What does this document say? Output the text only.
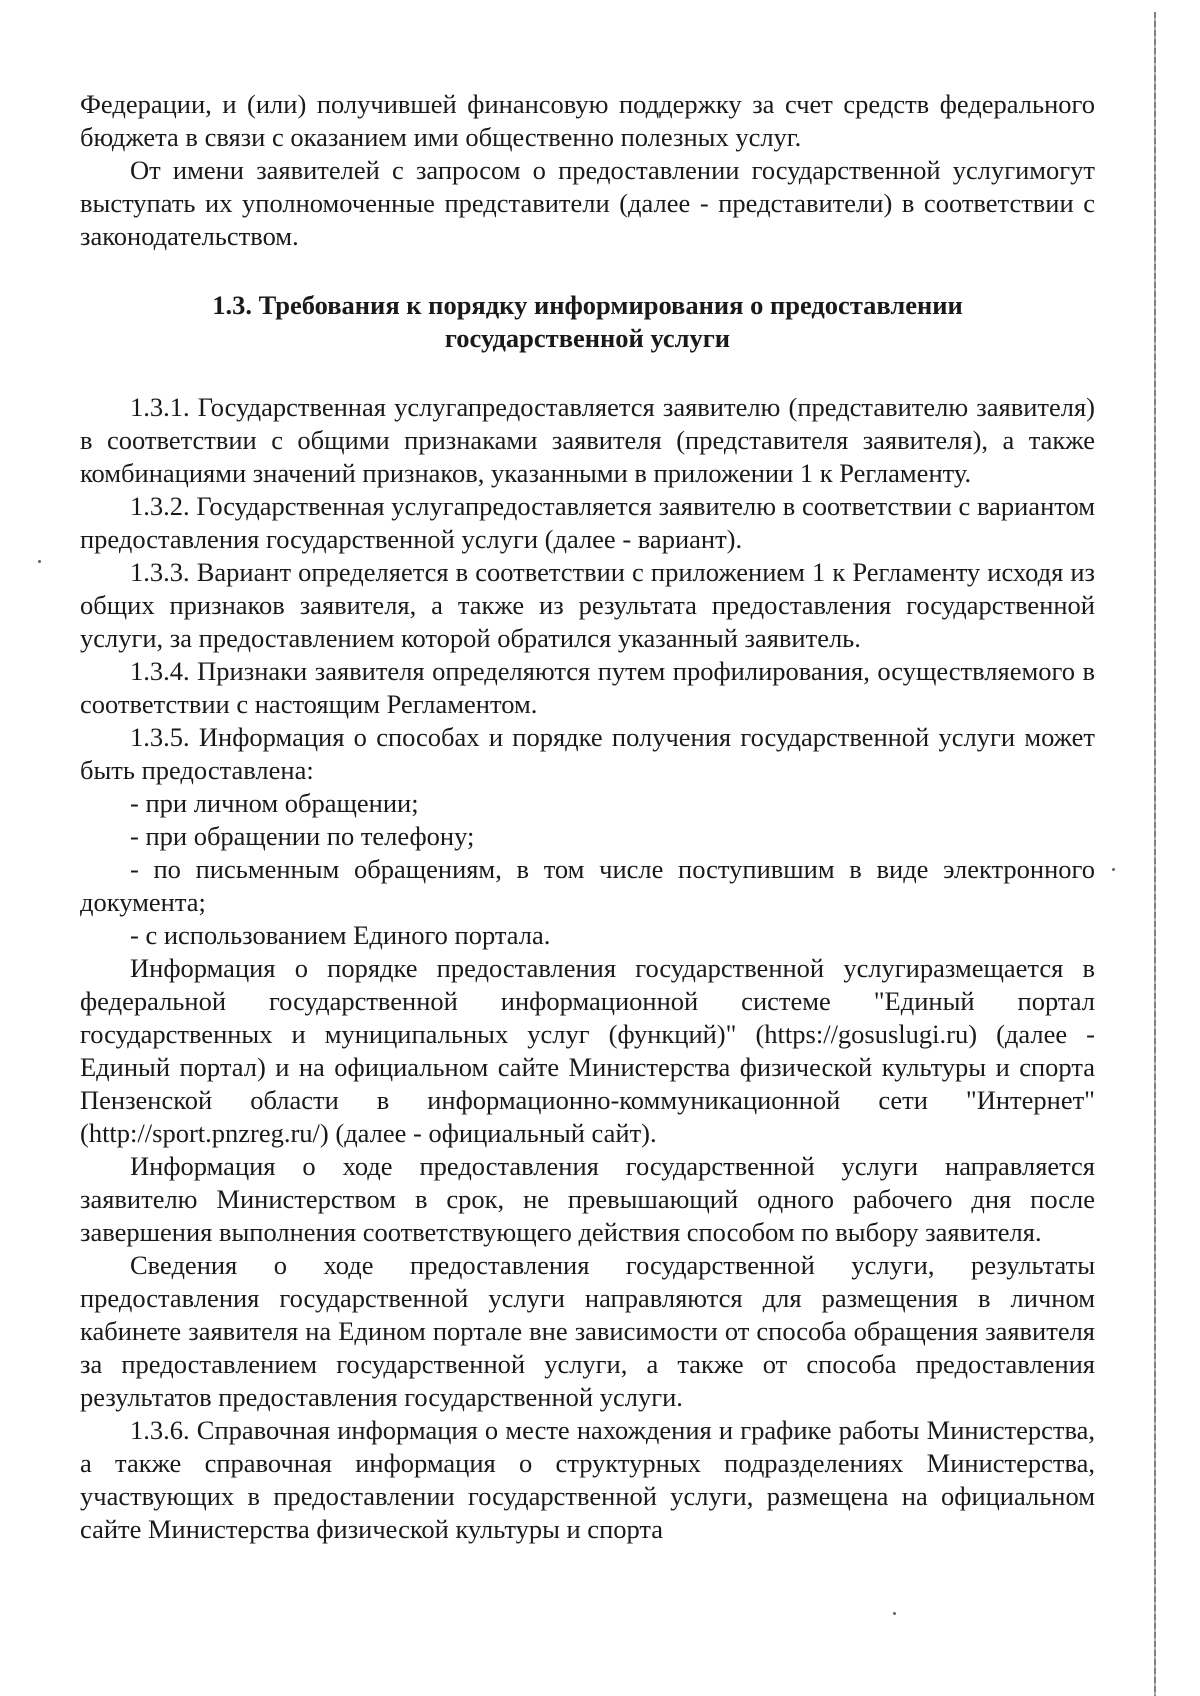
Федерации, и (или) получившей финансовую поддержку за счет средств федерального бюджета в связи с оказанием ими общественно полезных услуг.

От имени заявителей с запросом о предоставлении государственной услугимогут выступать их уполномоченные представители (далее - представители) в соответствии с законодательством.

1.3. Требования к порядку информирования о предоставлении
государственной услуги

1.3.1. Государственная услугапредоставляется заявителю (представителю заявителя) в соответствии с общими признаками заявителя (представителя заявителя), а также комбинациями значений признаков, указанными в приложении 1 к Регламенту.

1.3.2. Государственная услугапредоставляется заявителю в соответствии с вариантом предоставления государственной услуги (далее - вариант).

1.3.3. Вариант определяется в соответствии с приложением 1 к Регламенту исходя из общих признаков заявителя, а также из результата предоставления государственной услуги, за предоставлением которой обратился указанный заявитель.

1.3.4. Признаки заявителя определяются путем профилирования, осуществляемого в соответствии с настоящим Регламентом.

1.3.5. Информация о способах и порядке получения государственной услуги может быть предоставлена:

- при личном обращении;

- при обращении по телефону;

- по письменным обращениям, в том числе поступившим в виде электронного документа;

- с использованием Единого портала.

Информация о порядке предоставления государственной услугиразмещается в федеральной государственной информационной системе "Единый портал государственных и муниципальных услуг (функций)" (https://gosuslugi.ru) (далее - Единый портал) и на официальном сайте Министерства физической культуры и спорта Пензенской области в информационно-коммуникационной сети "Интернет" (http://sport.pnzreg.ru/) (далее - официальный сайт).

Информация о ходе предоставления государственной услуги направляется заявителю Министерством в срок, не превышающий одного рабочего дня после завершения выполнения соответствующего действия способом по выбору заявителя.

Сведения о ходе предоставления государственной услуги, результаты предоставления государственной услуги направляются для размещения в личном кабинете заявителя на Едином портале вне зависимости от способа обращения заявителя за предоставлением государственной услуги, а также от способа предоставления результатов предоставления государственной услуги.

1.3.6. Справочная информация о месте нахождения и графике работы Министерства, а также справочная информация о структурных подразделениях Министерства, участвующих в предоставлении государственной услуги, размещена на официальном сайте Министерства физической культуры и спорта
